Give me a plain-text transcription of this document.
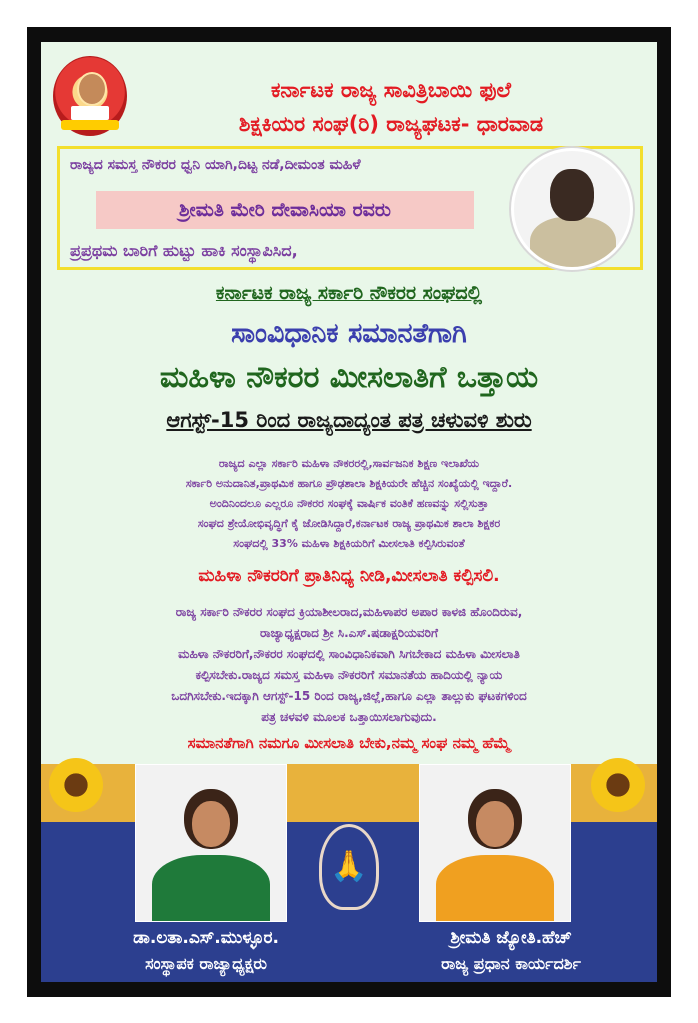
ಕರ್ನಾಟಕ ರಾಜ್ಯ ಸಾವಿತ್ರಿಬಾಯಿ ಫುಲೆ
ಶಿಕ್ಷಕಿಯರ ಸಂಘ(ರಿ) ರಾಜ್ಯಘಟಕ- ಧಾರವಾಡ
ರಾಜ್ಯದ ಸಮಸ್ತ ನೌಕರರ ಧ್ವನಿ ಯಾಗಿ,ದಿಟ್ಟ ನಡೆ,ದೀಮಂತ ಮಹಿಳೆ
ಶ್ರೀಮತಿ ಮೇರಿ ದೇವಾಸಿಯಾ ರವರು
ಪ್ರಪ್ರಥಮ ಬಾರಿಗೆ ಹುಟ್ಟು ಹಾಕಿ ಸಂಸ್ಥಾಪಿಸಿದ,
ಕರ್ನಾಟಕ ರಾಜ್ಯ ಸರ್ಕಾರಿ ನೌಕರರ ಸಂಘದಲ್ಲಿ
ಸಾಂವಿಧಾನಿಕ ಸಮಾನತೆಗಾಗಿ
ಮಹಿಳಾ ನೌಕರರ ಮೀಸಲಾತಿಗೆ ಒತ್ತಾಯ
ಆಗಸ್ಟ್-15 ರಿಂದ ರಾಜ್ಯದಾದ್ಯಂತ ಪತ್ರ ಚಳುವಳಿ ಶುರು
ರಾಜ್ಯದ ಎಲ್ಲಾ ಸರ್ಕಾರಿ ಮಹಿಳಾ ನೌಕರರಲ್ಲಿ,ಸಾರ್ವಜನಿಕ ಶಿಕ್ಷಣ ಇಲಾಖೆಯ
ಸರ್ಕಾರಿ ಅನುದಾನಿತ,ಪ್ರಾಥಮಿಕ ಹಾಗೂ ಪ್ರೌಢಶಾಲಾ ಶಿಕ್ಷಕಿಯರೇ ಹೆಚ್ಚಿನ ಸಂಖ್ಯೆಯಲ್ಲಿ ಇದ್ದಾರೆ.
ಅಂದಿನಿಂದಲೂ ಎಲ್ಲರೂ ನೌಕರರ ಸಂಘಕ್ಕೆ ವಾರ್ಷಿಕ ವಂತಿಕೆ ಹಣವನ್ನು ಸಲ್ಲಿಸುತ್ತಾ
ಸಂಘದ ಶ್ರೇಯೋಭಿವೃದ್ಧಿಗೆ ಕೈ ಜೋಡಿಸಿದ್ದಾರೆ,ಕರ್ನಾಟಕ ರಾಜ್ಯ ಪ್ರಾಥಮಿಕ ಶಾಲಾ ಶಿಕ್ಷಕರ
ಸಂಘದಲ್ಲಿ 33% ಮಹಿಳಾ ಶಿಕ್ಷಕಿಯರಿಗೆ ಮೀಸಲಾತಿ ಕಲ್ಪಿಸಿರುವಂತೆ
ಮಹಿಳಾ ನೌಕರರಿಗೆ ಪ್ರಾತಿನಿಧ್ಯ ನೀಡಿ,ಮೀಸಲಾತಿ ಕಲ್ಪಿಸಲಿ.
ರಾಜ್ಯ ಸರ್ಕಾರಿ ನೌಕರರ ಸಂಘದ ಕ್ರಿಯಾಶೀಲರಾದ,ಮಹಿಳಾಪರ ಅಪಾರ ಕಾಳಜಿ ಹೊಂದಿರುವ,
ರಾಜ್ಯಾಧ್ಯಕ್ಷರಾದ ಶ್ರೀ ಸಿ.ಎಸ್.ಷಡಾಕ್ಷರಿಯವರಿಗೆ
ಮಹಿಳಾ ನೌಕರರಿಗೆ,ನೌಕರರ ಸಂಘದಲ್ಲಿ ಸಾಂವಿಧಾನಿಕವಾಗಿ ಸಿಗಬೇಕಾದ ಮಹಿಳಾ ಮೀಸಲಾತಿ
ಕಲ್ಪಿಸಬೇಕು.ರಾಜ್ಯದ ಸಮಸ್ತ ಮಹಿಳಾ ನೌಕರರಿಗೆ ಸಮಾನತೆಯ ಹಾದಿಯಲ್ಲಿ ನ್ಯಾಯ
ಒದಗಿಸಬೇಕು.ಇದಕ್ಕಾಗಿ ಆಗಸ್ಟ್-15 ರಿಂದ ರಾಜ್ಯ,ಜಿಲ್ಲೆ,ಹಾಗೂ ಎಲ್ಲಾ ತಾಲ್ಲುಕು ಘಟಕಗಳಿಂದ
ಪತ್ರ ಚಳವಳಿ ಮೂಲಕ ಒತ್ತಾಯಿಸಲಾಗುವುದು.
ಸಮಾನತೆಗಾಗಿ ನಮಗೂ ಮೀಸಲಾತಿ ಬೇಕು,ನಮ್ಮ ಸಂಘ ನಮ್ಮ ಹೆಮ್ಮೆ
🙏
ಡಾ.ಲತಾ.ಎಸ್.ಮುಳ್ಳೂರ.
ಸಂಸ್ಥಾಪಕ ರಾಜ್ಯಾಧ್ಯಕ್ಷರು
ಶ್ರೀಮತಿ ಜ್ಯೋತಿ.ಹೆಚ್
ರಾಜ್ಯ ಪ್ರಧಾನ ಕಾರ್ಯದರ್ಶಿ
